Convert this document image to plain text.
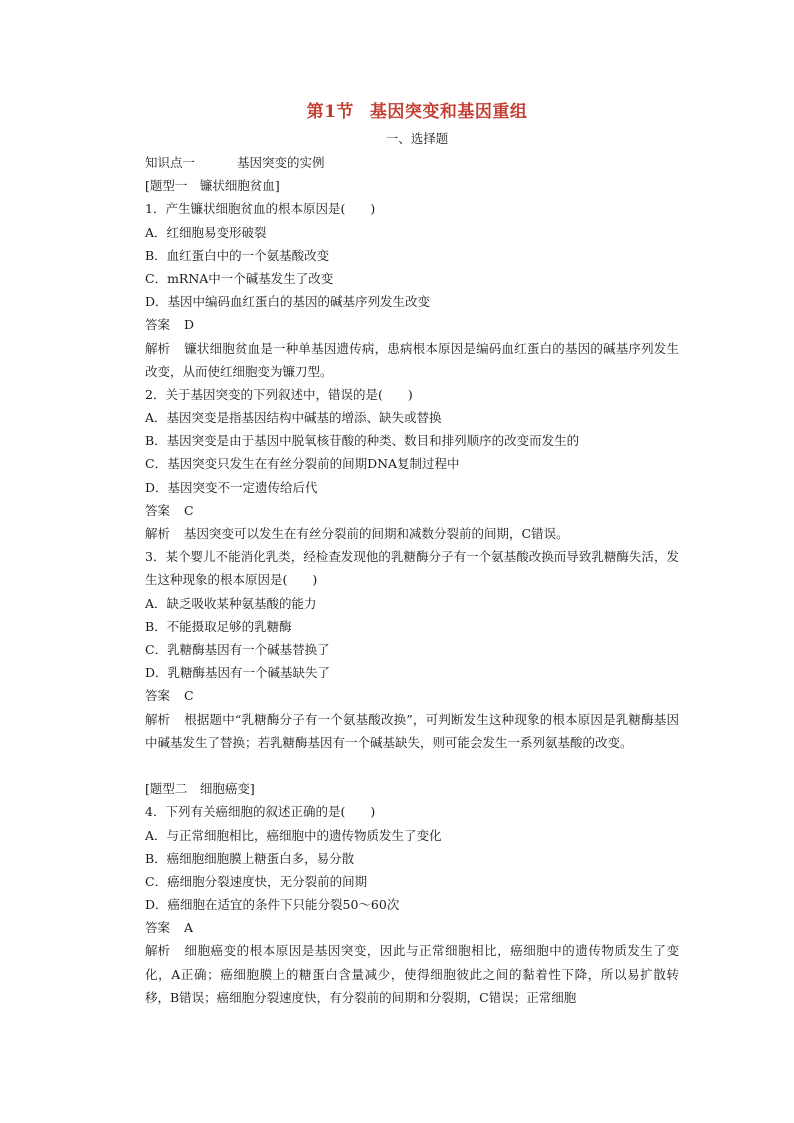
第1节 基因突变和基因重组
一、选择题
知识点一	基因突变的实例
[题型一　镰状细胞贫血]
1．产生镰状细胞贫血的根本原因是(　　)
A．红细胞易变形破裂
B．血红蛋白中的一个氨基酸改变
C．mRNA中一个碱基发生了改变
D．基因中编码血红蛋白的基因的碱基序列发生改变
答案 D
解析 镰状细胞贫血是一种单基因遗传病，患病根本原因是编码血红蛋白的基因的碱基序列发生改变，从而使红细胞变为镰刀型。
2．关于基因突变的下列叙述中，错误的是(　　)
A．基因突变是指基因结构中碱基的增添、缺失或替换
B．基因突变是由于基因中脱氧核苷酸的种类、数目和排列顺序的改变而发生的
C．基因突变只发生在有丝分裂前的间期DNA复制过程中
D．基因突变不一定遗传给后代
答案 C
解析 基因突变可以发生在有丝分裂前的间期和减数分裂前的间期，C错误。
3．某个婴儿不能消化乳类，经检查发现他的乳糖酶分子有一个氨基酸改换而导致乳糖酶失活，发生这种现象的根本原因是(　　)
A．缺乏吸收某种氨基酸的能力
B．不能摄取足够的乳糖酶
C．乳糖酶基因有一个碱基替换了
D．乳糖酶基因有一个碱基缺失了
答案 C
解析 根据题中“乳糖酶分子有一个氨基酸改换”，可判断发生这种现象的根本原因是乳糖酶基因中碱基发生了替换；若乳糖酶基因有一个碱基缺失，则可能会发生一系列氨基酸的改变。
[题型二　细胞癌变]
4．下列有关癌细胞的叙述正确的是(　　)
A．与正常细胞相比，癌细胞中的遗传物质发生了变化
B．癌细胞细胞膜上糖蛋白多，易分散
C．癌细胞分裂速度快，无分裂前的间期
D．癌细胞在适宜的条件下只能分裂50～60次
答案 A
解析 细胞癌变的根本原因是基因突变，因此与正常细胞相比，癌细胞中的遗传物质发生了变化，A正确；癌细胞膜上的糖蛋白含量减少，使得细胞彼此之间的黏着性下降，所以易扩散转移，B错误；癌细胞分裂速度快，有分裂前的间期和分裂期，C错误；正常细胞
